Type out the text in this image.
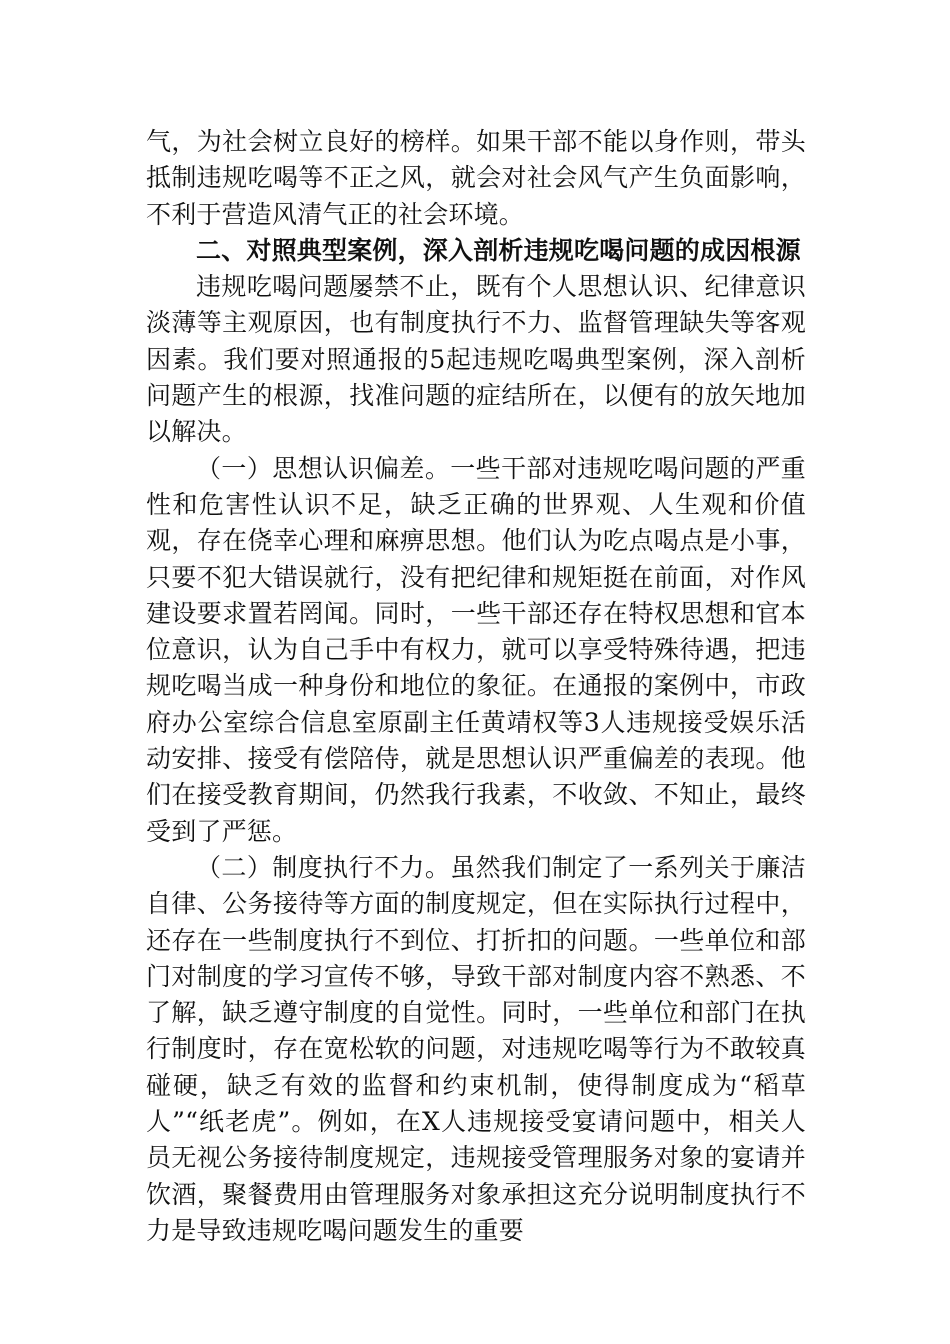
气，为社会树立良好的榜样。如果干部不能以身作则，带头抵制违规吃喝等不正之风，就会对社会风气产生负面影响，不利于营造风清气正的社会环境。

二、对照典型案例，深入剖析违规吃喝问题的成因根源

违规吃喝问题屡禁不止，既有个人思想认识、纪律意识淡薄等主观原因，也有制度执行不力、监督管理缺失等客观因素。我们要对照通报的5起违规吃喝典型案例，深入剖析问题产生的根源，找准问题的症结所在，以便有的放矢地加以解决。

（一）思想认识偏差。一些干部对违规吃喝问题的严重性和危害性认识不足，缺乏正确的世界观、人生观和价值观，存在侥幸心理和麻痹思想。他们认为吃点喝点是小事，只要不犯大错误就行，没有把纪律和规矩挺在前面，对作风建设要求置若罔闻。同时，一些干部还存在特权思想和官本位意识，认为自己手中有权力，就可以享受特殊待遇，把违规吃喝当成一种身份和地位的象征。在通报的案例中，市政府办公室综合信息室原副主任黄靖权等3人违规接受娱乐活动安排、接受有偿陪侍，就是思想认识严重偏差的表现。他们在接受教育期间，仍然我行我素，不收敛、不知止，最终受到了严惩。

（二）制度执行不力。虽然我们制定了一系列关于廉洁自律、公务接待等方面的制度规定，但在实际执行过程中，还存在一些制度执行不到位、打折扣的问题。一些单位和部门对制度的学习宣传不够，导致干部对制度内容不熟悉、不了解，缺乏遵守制度的自觉性。同时，一些单位和部门在执行制度时，存在宽松软的问题，对违规吃喝等行为不敢较真碰硬，缺乏有效的监督和约束机制，使得制度成为“稻草人”“纸老虎”。例如，在X人违规接受宴请问题中，相关人员无视公务接待制度规定，违规接受管理服务对象的宴请并饮酒，聚餐费用由管理服务对象承担这充分说明制度执行不力是导致违规吃喝问题发生的重要
